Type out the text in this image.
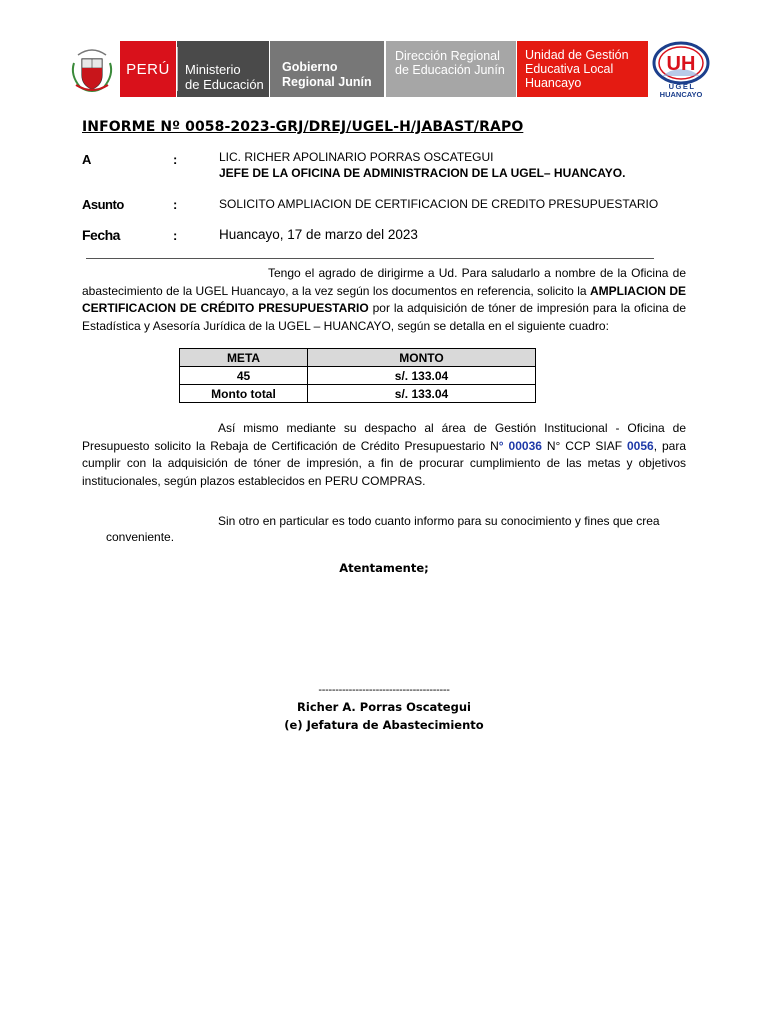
PERÚ	Ministerio
de Educación
Gobierno
Regional Junín
Dirección Regional
de Educación Junín
Unidad de Gestión
Educativa Local
Huancayo
UH
UGEL
HUANCAYO
INFORME Nº 0058-2023-GRJ/DREJ/UGEL-H/JABAST/RAPO
A	:	LIC. RICHER APOLINARIO PORRAS OSCATEGUI
JEFE DE LA OFICINA DE ADMINISTRACION DE LA UGEL– HUANCAYO.
Asunto	:	SOLICITO AMPLIACION DE CERTIFICACION DE CREDITO PRESUPUESTARIO
Fecha	:	Huancayo, 17 de marzo del 2023
Tengo el agrado de dirigirme a Ud. Para saludarlo a nombre de la Oficina de abastecimiento de la UGEL Huancayo, a la vez según los documentos en referencia, solicito la AMPLIACION DE CERTIFICACION DE CRÉDITO PRESUPUESTARIO por la adquisición de tóner de impresión para la oficina de Estadística y Asesoría Jurídica de la UGEL – HUANCAYO, según se detalla en el siguiente cuadro:
META	MONTO
45	s/. 133.04
Monto total	s/. 133.04
Así mismo mediante su despacho al área de Gestión Institucional - Oficina de Presupuesto solicito la Rebaja de Certificación de Crédito Presupuestario N° 00036 N° CCP SIAF 0056, para cumplir con la adquisición de tóner de impresión, a fin de procurar cumplimiento de las metas y objetivos institucionales, según plazos establecidos en PERU COMPRAS.
Sin otro en particular es todo cuanto informo para su conocimiento y fines que crea
conveniente.
Atentamente;
---------------------------------------
Richer A. Porras Oscategui
(e) Jefatura de Abastecimiento
